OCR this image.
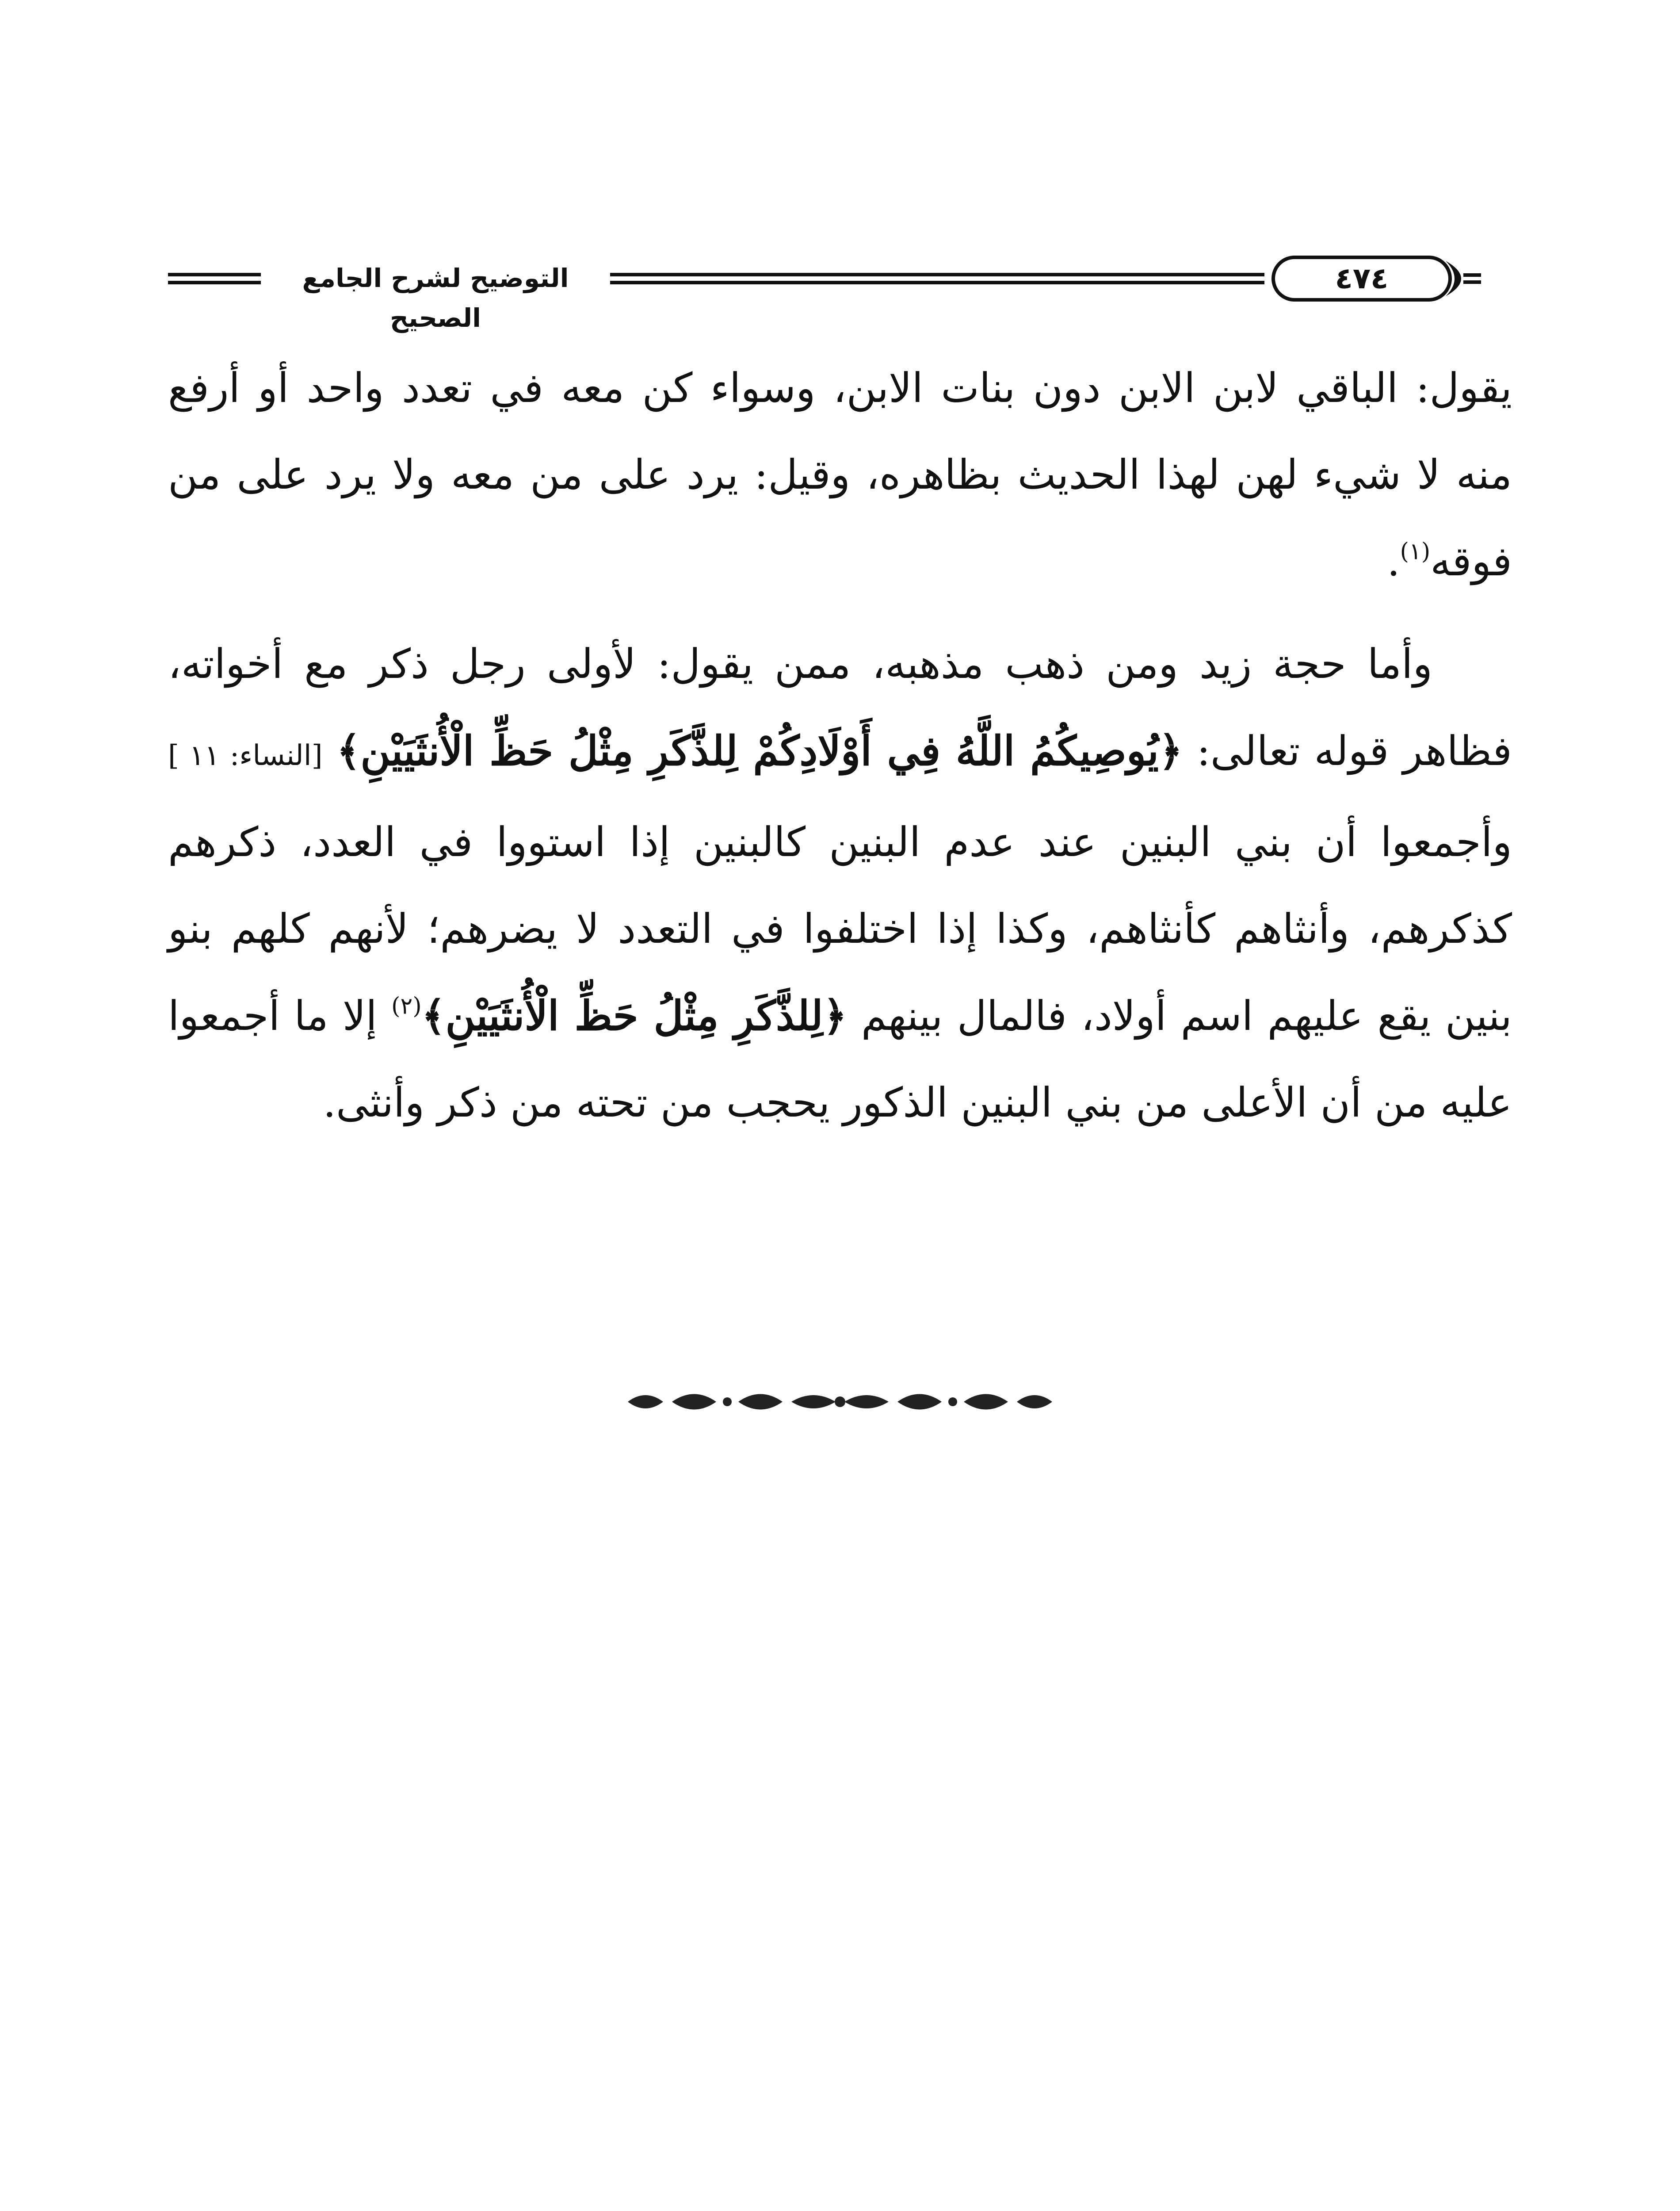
التوضيح لشرح الجامع الصحيح
٤٧٤

يقول: الباقي لابن الابن دون بنات الابن، وسواء كن معه في تعدد واحد أو أرفع منه لا شيء لهن لهذا الحديث بظاهره، وقيل: يرد على من معه ولا يرد على من فوقه$^{(١)}$.

وأما حجة زيد ومن ذهب مذهبه، ممن يقول: لأولى رجل ذكر مع أخواته، فظاهر قوله تعالى: ﴿يُوصِيكُمُ اللَّهُ فِي أَوْلَادِكُمْ لِلذَّكَرِ مِثْلُ حَظِّ الْأُنثَيَيْنِ﴾ [النساء: ١١ ] وأجمعوا أن بني البنين عند عدم البنين كالبنين إذا استووا في العدد، ذكرهم كذكرهم، وأنثاهم كأنثاهم، وكذا إذا اختلفوا في التعدد لا يضرهم؛ لأنهم كلهم بنو بنين يقع عليهم اسم أولاد، فالمال بينهم ﴿لِلذَّكَرِ مِثْلُ حَظِّ الْأُنثَيَيْنِ﴾$^{(٢)}$ إلا ما أجمعوا عليه من أن الأعلى من بني البنين الذكور يحجب من تحته من ذكر وأنثى.
